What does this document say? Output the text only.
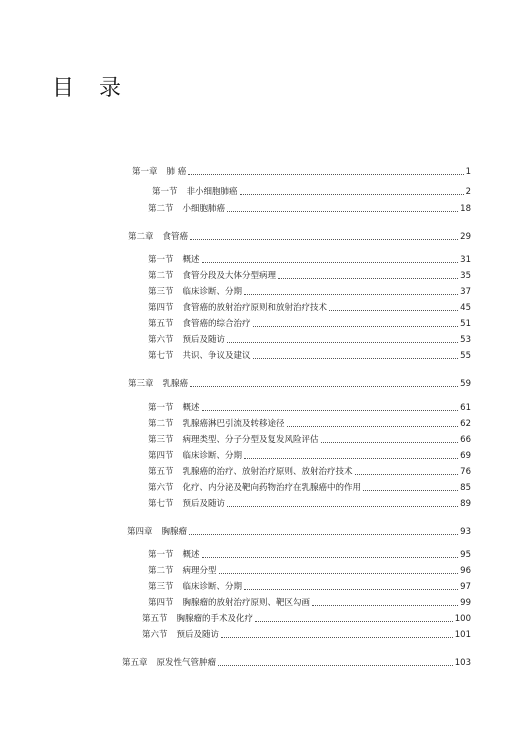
目 录
第一章 肺 癌	1
第一节 非小细胞肺癌	2
第二节 小细胞肺癌	18
第二章 食管癌	29
第一节 概述	31
第二节 食管分段及大体分型病理	35
第三节 临床诊断、分期	37
第四节 食管癌的放射治疗原则和放射治疗技术	45
第五节 食管癌的综合治疗	51
第六节 预后及随访	53
第七节 共识、争议及建议	55
第三章 乳腺癌	59
第一节 概述	61
第二节 乳腺癌淋巴引流及转移途径	62
第三节 病理类型、分子分型及复发风险评估	66
第四节 临床诊断、分期	69
第五节 乳腺癌的治疗、放射治疗原则、放射治疗技术	76
第六节 化疗、内分泌及靶向药物治疗在乳腺癌中的作用	85
第七节 预后及随访	89
第四章 胸腺瘤	93
第一节 概述	95
第二节 病理分型	96
第三节 临床诊断、分期	97
第四节 胸腺瘤的放射治疗原则、靶区勾画	99
第五节 胸腺瘤的手术及化疗	100
第六节 预后及随访	101
第五章 原发性气管肿瘤	103
